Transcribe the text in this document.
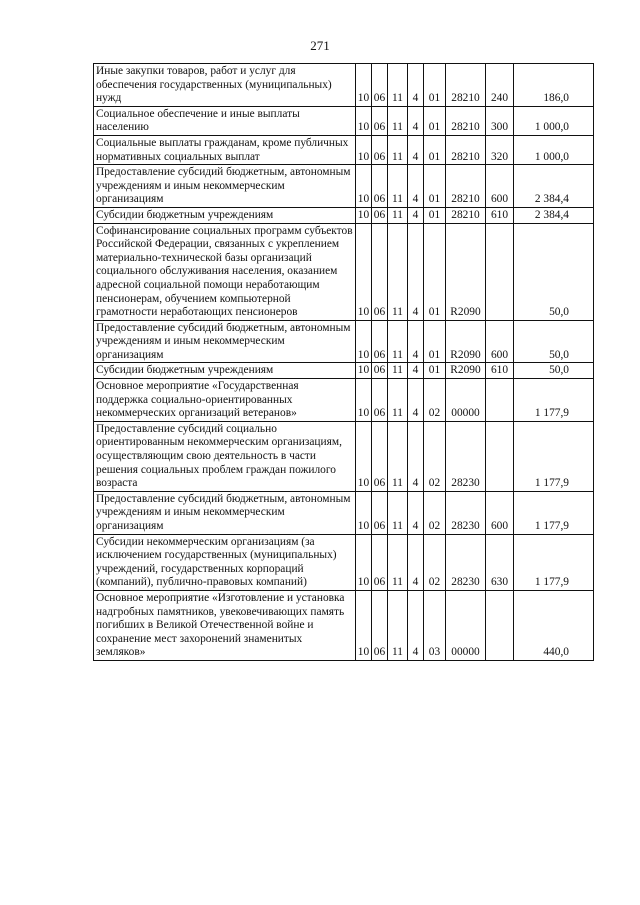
271
Иные закупки товаров, работ и услуг для обеспечения государственных (муниципальных) нужд	10	06	11	4	01	28210	240	186,0
Социальное обеспечение и иные выплаты населению	10	06	11	4	01	28210	300	1 000,0
Социальные выплаты гражданам, кроме публичных нормативных социальных выплат	10	06	11	4	01	28210	320	1 000,0
Предоставление субсидий бюджетным, автономным учреждениям и иным некоммерческим организациям	10	06	11	4	01	28210	600	2 384,4
Субсидии бюджетным учреждениям	10	06	11	4	01	28210	610	2 384,4
Софинансирование социальных программ субъектов Российской Федерации, связанных с укреплением материально-технической базы организаций социального обслуживания населения, оказанием адресной социальной помощи неработающим пенсионерам, обучением компьютерной грамотности неработающих пенсионеров	10	06	11	4	01	R2090		50,0
Предоставление субсидий бюджетным, автономным учреждениям и иным некоммерческим организациям	10	06	11	4	01	R2090	600	50,0
Субсидии бюджетным учреждениям	10	06	11	4	01	R2090	610	50,0
Основное мероприятие «Государственная поддержка социально-ориентированных некоммерческих организаций ветеранов»	10	06	11	4	02	00000		1 177,9
Предоставление субсидий социально ориентированным некоммерческим организациям, осуществляющим свою деятельность в части решения социальных проблем граждан пожилого возраста	10	06	11	4	02	28230		1 177,9
Предоставление субсидий бюджетным, автономным учреждениям и иным некоммерческим организациям	10	06	11	4	02	28230	600	1 177,9
Субсидии некоммерческим организациям (за исключением государственных (муниципальных) учреждений, государственных корпораций (компаний), публично-правовых компаний)	10	06	11	4	02	28230	630	1 177,9
Основное мероприятие «Изготовление и установка надгробных памятников, увековечивающих память погибших в Великой Отечественной войне и сохранение мест захоронений знаменитых земляков»	10	06	11	4	03	00000		440,0
